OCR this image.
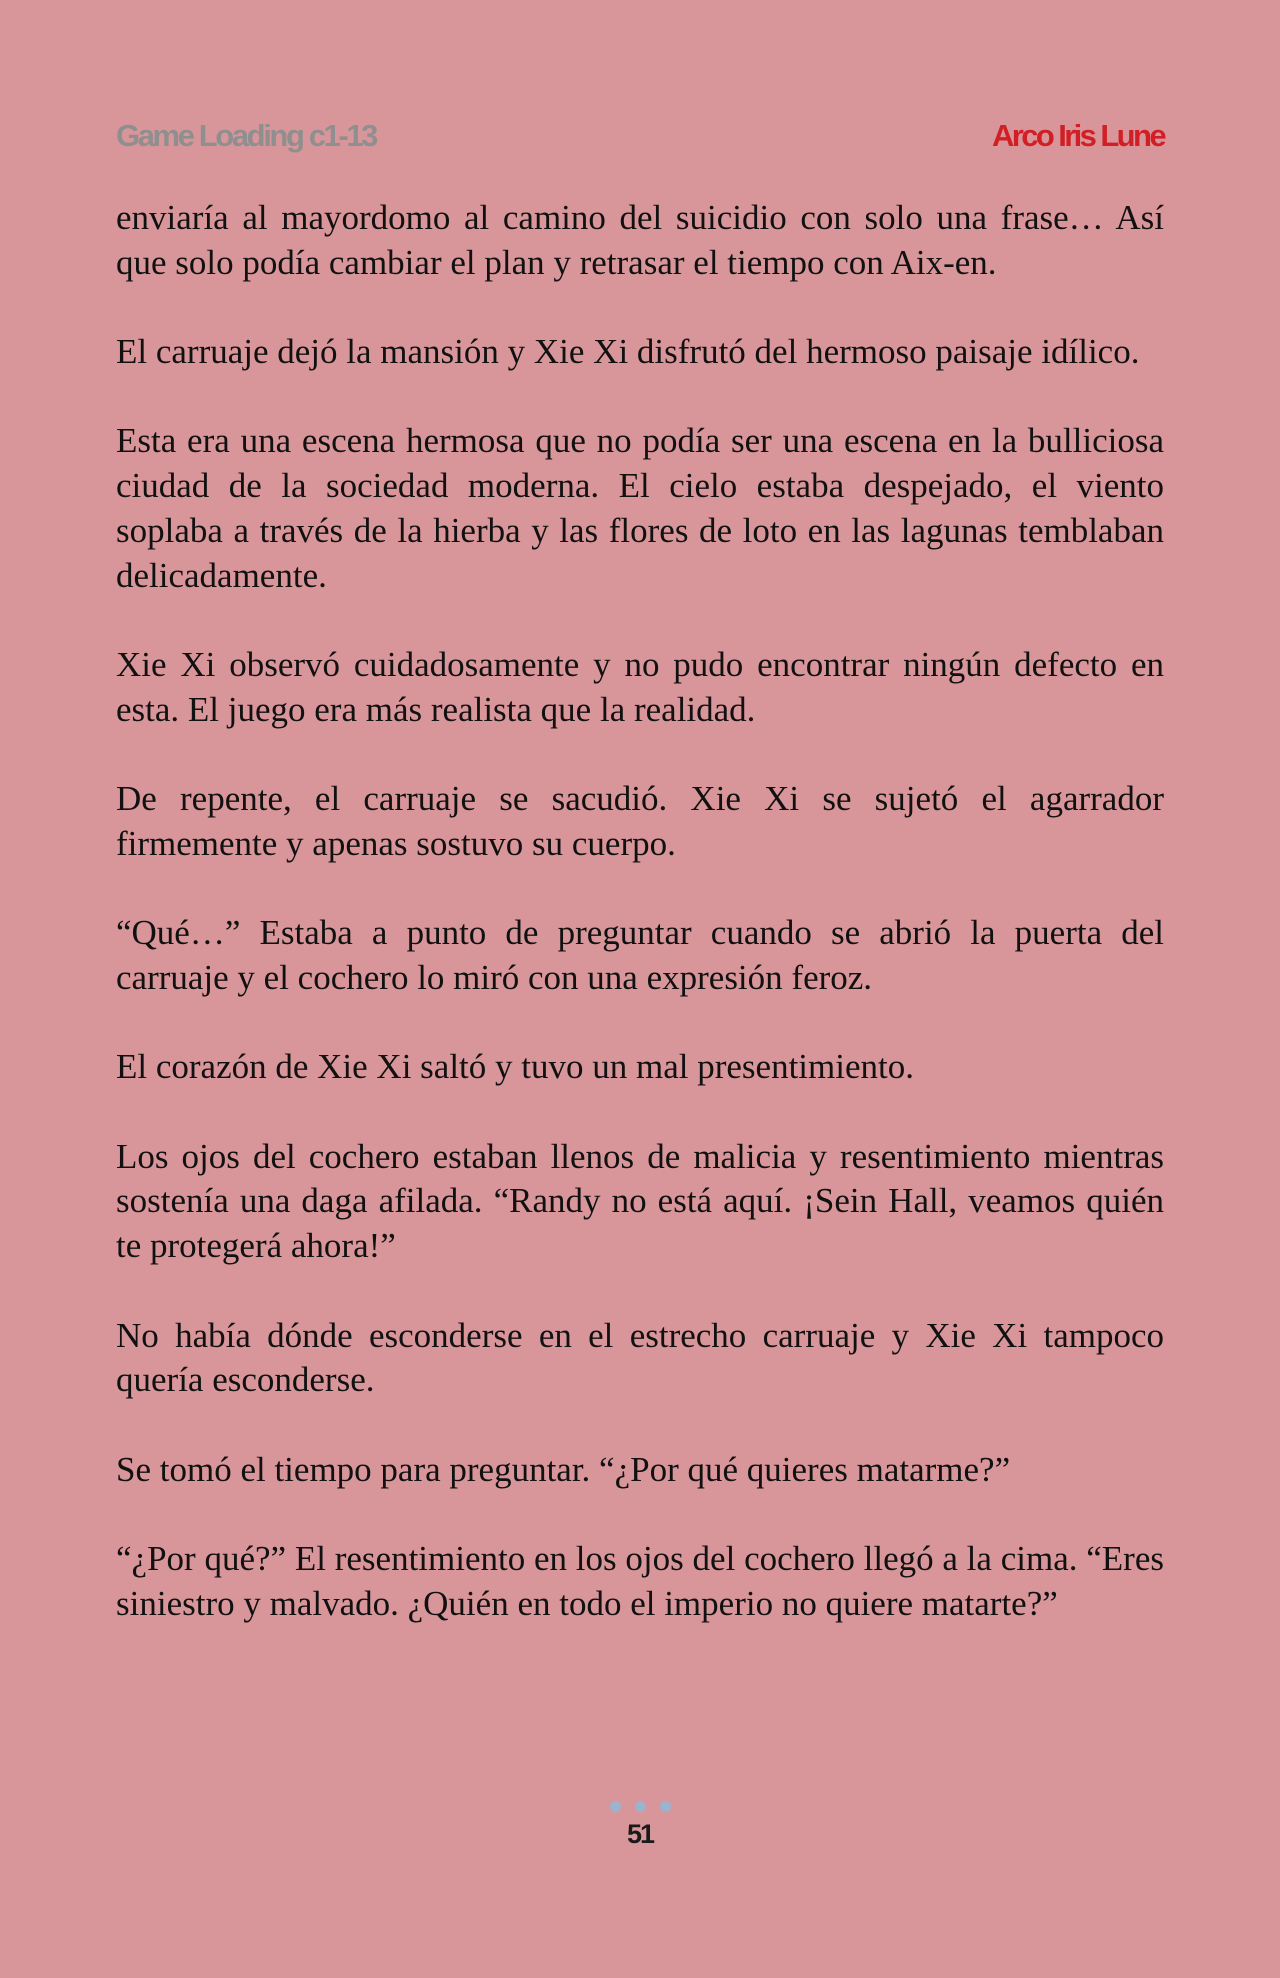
Game Loading c1-13	Arco Iris Lune

enviaría al mayordomo al camino del suicidio con solo una frase… Así que solo podía cambiar el plan y retrasar el tiempo con Aix-en.

El carruaje dejó la mansión y Xie Xi disfrutó del hermoso paisaje idílico.

Esta era una escena hermosa que no podía ser una escena en la bulliciosa ciudad de la sociedad moderna. El cielo estaba despejado, el viento soplaba a través de la hierba y las flores de loto en las lagunas temblaban delicadamente.

Xie Xi observó cuidadosamente y no pudo encontrar ningún defecto en esta. El juego era más realista que la realidad.

De repente, el carruaje se sacudió. Xie Xi se sujetó el agarrador firmemente y apenas sostuvo su cuerpo.

“Qué…” Estaba a punto de preguntar cuando se abrió la puerta del carruaje y el cochero lo miró con una expresión feroz.

El corazón de Xie Xi saltó y tuvo un mal presentimiento.

Los ojos del cochero estaban llenos de malicia y resentimiento mientras sostenía una daga afilada. “Randy no está aquí. ¡Sein Hall, veamos quién te protegerá ahora!”

No había dónde esconderse en el estrecho carruaje y Xie Xi tampoco quería esconderse.

Se tomó el tiempo para preguntar. “¿Por qué quieres matarme?”

“¿Por qué?” El resentimiento en los ojos del cochero llegó a la cima. “Eres siniestro y malvado. ¿Quién en todo el imperio no quiere matarte?”

51
